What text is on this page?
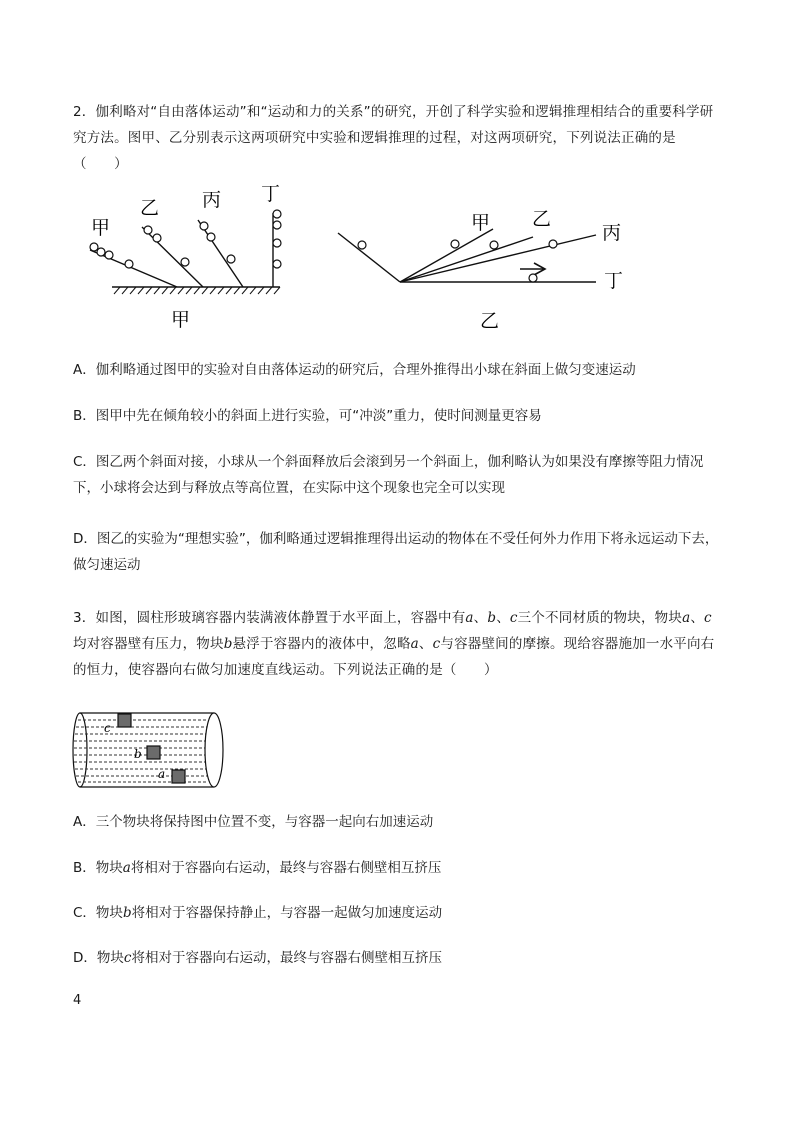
2．伽利略对“自由落体运动”和“运动和力的关系”的研究，开创了科学实验和逻辑推理相结合的重要科学研究方法。图甲、乙分别表示这两项研究中实验和逻辑推理的过程，对这两项研究，下列说法正确的是（　　）

甲
乙 丙 丁
甲
甲 乙
丙
丁
乙

A．伽利略通过图甲的实验对自由落体运动的研究后，合理外推得出小球在斜面上做匀变速运动

B．图甲中先在倾角较小的斜面上进行实验，可“冲淡”重力，使时间测量更容易

C．图乙两个斜面对接，小球从一个斜面释放后会滚到另一个斜面上，伽利略认为如果没有摩擦等阻力情况下，小球将会达到与释放点等高位置，在实际中这个现象也完全可以实现

D．图乙的实验为“理想实验”，伽利略通过逻辑推理得出运动的物体在不受任何外力作用下将永远运动下去，做匀速运动

3．如图，圆柱形玻璃容器内装满液体静置于水平面上，容器中有a、b、c三个不同材质的物块，物块a、c均对容器壁有压力，物块b悬浮于容器内的液体中，忽略a、c与容器壁间的摩擦。现给容器施加一水平向右的恒力，使容器向右做匀加速度直线运动。下列说法正确的是（　　）

c
b
a

A．三个物块将保持图中位置不变，与容器一起向右加速运动

B．物块a将相对于容器向右运动，最终与容器右侧壁相互挤压

C．物块b将相对于容器保持静止，与容器一起做匀加速度运动

D．物块c将相对于容器向右运动，最终与容器右侧壁相互挤压

4
